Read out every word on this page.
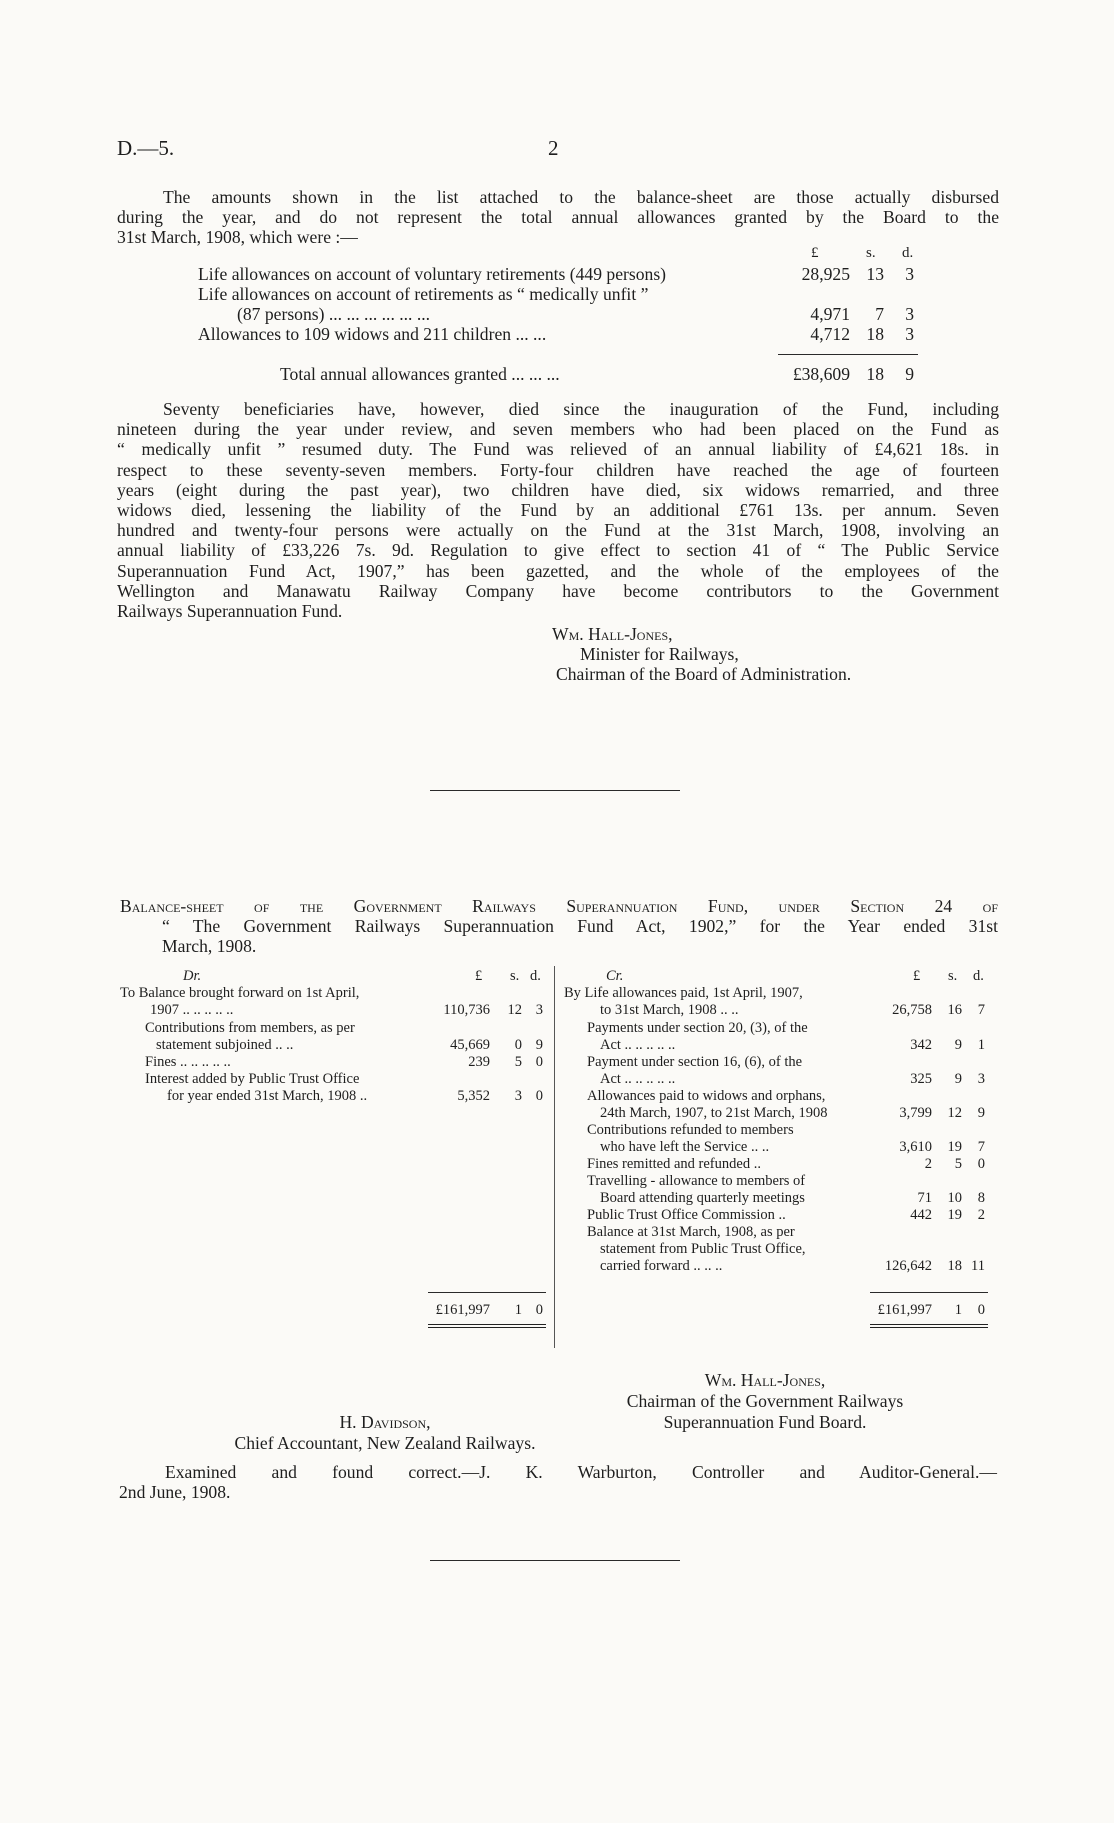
D.—5.	2
The amounts shown in the list attached to the balance-sheet are those actually disbursed
during the year, and do not represent the total annual allowances granted by the Board to the
31st March, 1908, which were :—
£	s. d.
Life allowances on account of voluntary retirements (449 persons)	28,925 13	3
Life allowances on account of retirements as “ medically unfit ”
(87 persons) ... ... ... ... ... ...	4,971	7	3
Allowances to 109 widows and 211 children ... ...	4,712 18	3
Total annual allowances granted ... ... ...	£38,609 18	9
Seventy beneficiaries have, however, died since the inauguration of the Fund, including
nineteen during the year under review, and seven members who had been placed on the Fund as
“ medically unfit ” resumed duty. The Fund was relieved of an annual liability of £4,621 18s. in
respect to these seventy-seven members. Forty-four children have reached the age of fourteen
years (eight during the past year), two children have died, six widows remarried, and three
widows died, lessening the liability of the Fund by an additional £761 13s. per annum. Seven
hundred and twenty-four persons were actually on the Fund at the 31st March, 1908, involving an
annual liability of £33,226 7s. 9d. Regulation to give effect to section 41 of “ The Public Service
Superannuation Fund Act, 1907,” has been gazetted, and the whole of the employees of the
Wellington and Manawatu Railway Company have become contributors to the Government
Railways Superannuation Fund.
Wm. Hall-Jones,
Minister for Railways,
Chairman of the Board of Administration.
Balance-sheet of the Government Railways Superannuation Fund, under Section 24 of
“ The Government Railways Superannuation Fund Act, 1902,” for the Year ended 31st
March, 1908.
Dr.	£ s. d.
To Balance brought forward on 1st April,
1907 .. .. .. .. ..	110,736	12 3
Contributions from members, as per
statement subjoined .. ..	45,669	0 9
Fines .. .. .. .. ..	239	5 0
Interest added by Public Trust Office
for year ended 31st March, 1908 ..	5,352	3 0
£161,997	1 0
Cr.	£ s. d.
By Life allowances paid, 1st April, 1907,
to 31st March, 1908 .. ..	26,758	16	7
Payments under section 20, (3), of the
Act .. .. .. .. ..	342	9	1
Payment under section 16, (6), of the
Act .. .. .. .. ..	325	9	3
Allowances paid to widows and orphans,
24th March, 1907, to 21st March, 1908	3,799	12	9
Contributions refunded to members
who have left the Service .. ..	3,610	19	7
Fines remitted and refunded ..	2	5	0
Travelling - allowance to members of
Board attending quarterly meetings	71	10	8
Public Trust Office Commission ..	442	19	2
Balance at 31st March, 1908, as per
statement from Public Trust Office,
carried forward .. .. ..	126,642	18 11
£161,997	1	0
Wm. Hall-Jones,
Chairman of the Government Railways
Superannuation Fund Board.
H. Davidson,
Chief Accountant, New Zealand Railways.
Examined and found correct.—J. K. Warburton, Controller and Auditor-General.—
2nd June, 1908.
